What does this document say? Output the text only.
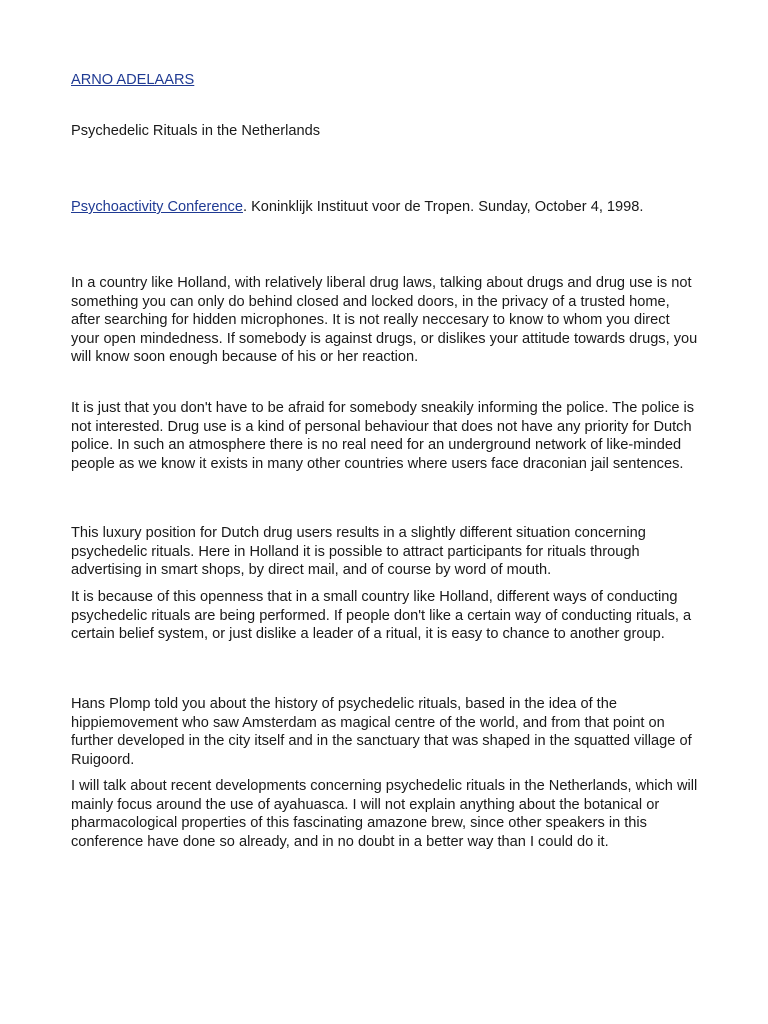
ARNO ADELAARS
Psychedelic Rituals in the Netherlands
Psychoactivity Conference. Koninklijk Instituut voor de Tropen. Sunday, October 4, 1998.

In a country like Holland, with relatively liberal drug laws, talking about drugs and drug use is not something you can only do behind closed and locked doors, in the privacy of a trusted home, after searching for hidden microphones. It is not really neccesary to know to whom you direct your open mindedness. If somebody is against drugs, or dislikes your attitude towards drugs, you will know soon enough because of his or her reaction.

It is just that you don't have to be afraid for somebody sneakily informing the police. The police is not interested. Drug use is a kind of personal behaviour that does not have any priority for Dutch police. In such an atmosphere there is no real need for an underground network of like-minded people as we know it exists in many other countries where users face draconian jail sentences.

This luxury position for Dutch drug users results in a slightly different situation concerning psychedelic rituals. Here in Holland it is possible to attract participants for rituals through advertising in smart shops, by direct mail, and of course by word of mouth.

It is because of this openness that in a small country like Holland, different ways of conducting psychedelic rituals are being performed. If people don't like a certain way of conducting rituals, a certain belief system, or just dislike a leader of a ritual, it is easy to chance to another group.

Hans Plomp told you about the history of psychedelic rituals, based in the idea of the hippiemovement who saw Amsterdam as magical centre of the world, and from that point on further developed in the city itself and in the sanctuary that was shaped in the squatted village of Ruigoord.

I will talk about recent developments concerning psychedelic rituals in the Netherlands, which will mainly focus around the use of ayahuasca. I will not explain anything about the botanical or pharmacological properties of this fascinating amazone brew, since other speakers in this conference have done so already, and in no doubt in a better way than I could do it.
